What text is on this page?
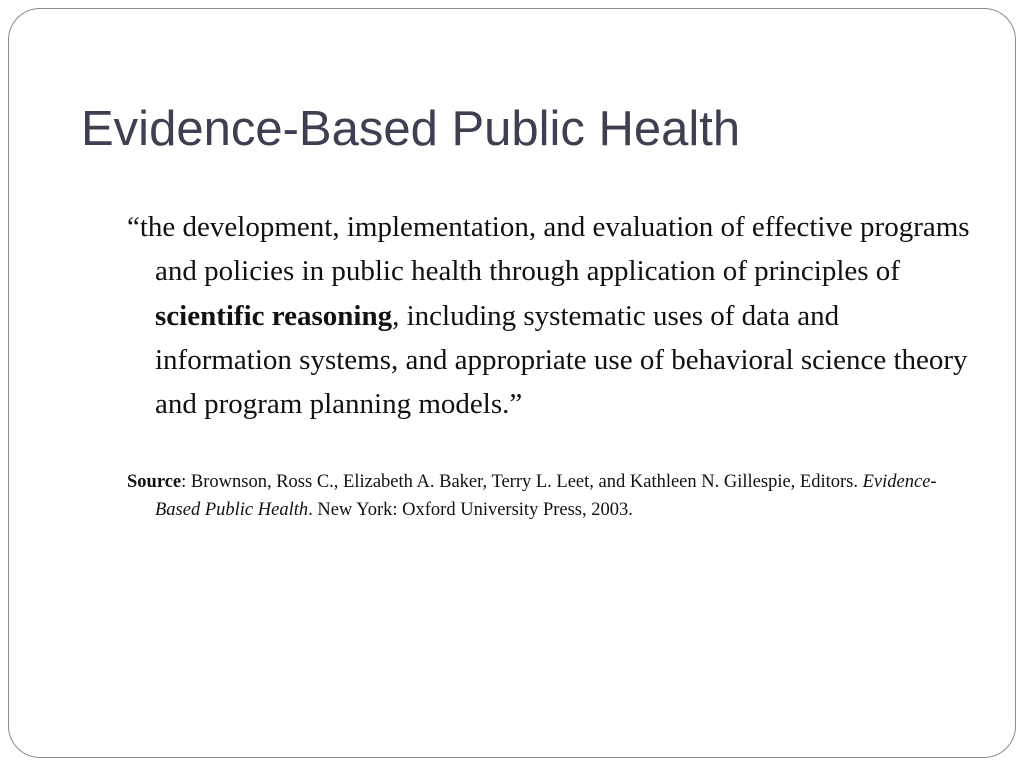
Evidence-Based Public Health

“the development, implementation, and evaluation of effective programs and policies in public health through application of principles of scientific reasoning, including systematic uses of data and information systems, and appropriate use of behavioral science theory and program planning models.”

Source: Brownson, Ross C., Elizabeth A. Baker, Terry L. Leet, and Kathleen N. Gillespie, Editors. Evidence-Based Public Health. New York: Oxford University Press, 2003.
